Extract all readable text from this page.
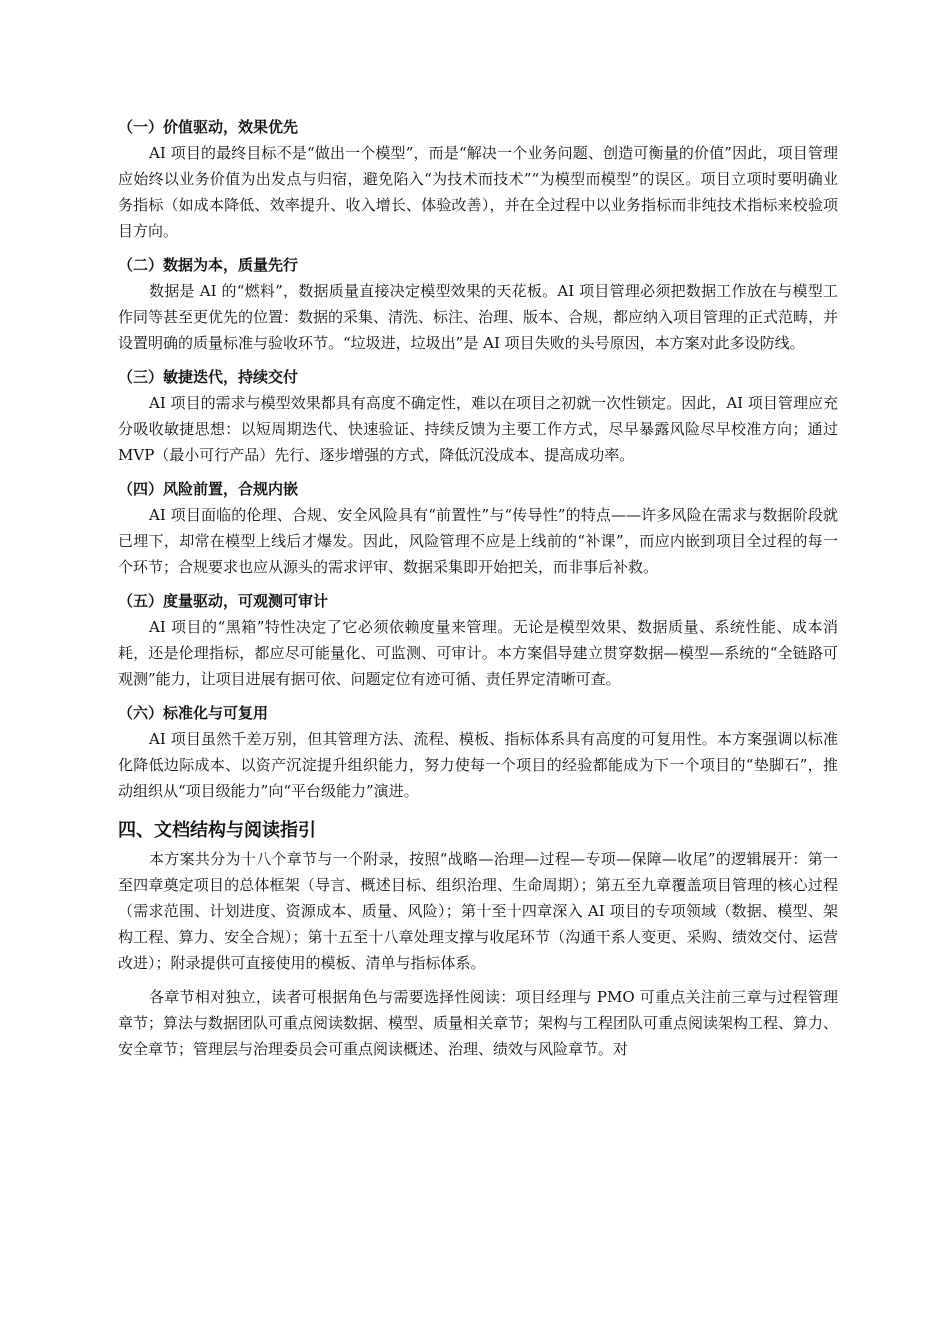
（一）价值驱动，效果优先

AI 项目的最终目标不是“做出一个模型”，而是“解决一个业务问题、创造可衡量的价值”因此，项目管理应始终以业务价值为出发点与归宿，避免陷入“为技术而技术”“为模型而模型”的误区。项目立项时要明确业务指标（如成本降低、效率提升、收入增长、体验改善），并在全过程中以业务指标而非纯技术指标来校验项目方向。

（二）数据为本，质量先行

数据是 AI 的“燃料”，数据质量直接决定模型效果的天花板。AI 项目管理必须把数据工作放在与模型工作同等甚至更优先的位置：数据的采集、清洗、标注、治理、版本、合规，都应纳入项目管理的正式范畴，并设置明确的质量标准与验收环节。“垃圾进，垃圾出”是 AI 项目失败的头号原因，本方案对此多设防线。

（三）敏捷迭代，持续交付

AI 项目的需求与模型效果都具有高度不确定性，难以在项目之初就一次性锁定。因此，AI 项目管理应充分吸收敏捷思想：以短周期迭代、快速验证、持续反馈为主要工作方式，尽早暴露风险尽早校准方向；通过 MVP（最小可行产品）先行、逐步增强的方式，降低沉没成本、提高成功率。

（四）风险前置，合规内嵌

AI 项目面临的伦理、合规、安全风险具有“前置性”与“传导性”的特点——许多风险在需求与数据阶段就已埋下，却常在模型上线后才爆发。因此，风险管理不应是上线前的“补课”，而应内嵌到项目全过程的每一个环节；合规要求也应从源头的需求评审、数据采集即开始把关，而非事后补救。

（五）度量驱动，可观测可审计

AI 项目的“黑箱”特性决定了它必须依赖度量来管理。无论是模型效果、数据质量、系统性能、成本消耗，还是伦理指标，都应尽可能量化、可监测、可审计。本方案倡导建立贯穿数据—模型—系统的“全链路可观测”能力，让项目进展有据可依、问题定位有迹可循、责任界定清晰可查。

（六）标准化与可复用

AI 项目虽然千差万别，但其管理方法、流程、模板、指标体系具有高度的可复用性。本方案强调以标准化降低边际成本、以资产沉淀提升组织能力，努力使每一个项目的经验都能成为下一个项目的“垫脚石”，推动组织从“项目级能力”向“平台级能力”演进。

四、文档结构与阅读指引

本方案共分为十八个章节与一个附录，按照“战略—治理—过程—专项—保障—收尾”的逻辑展开：第一至四章奠定项目的总体框架（导言、概述目标、组织治理、生命周期）；第五至九章覆盖项目管理的核心过程（需求范围、计划进度、资源成本、质量、风险）；第十至十四章深入 AI 项目的专项领域（数据、模型、架构工程、算力、安全合规）；第十五至十八章处理支撑与收尾环节（沟通干系人变更、采购、绩效交付、运营改进）；附录提供可直接使用的模板、清单与指标体系。

各章节相对独立，读者可根据角色与需要选择性阅读：项目经理与 PMO 可重点关注前三章与过程管理章节；算法与数据团队可重点阅读数据、模型、质量相关章节；架构与工程团队可重点阅读架构工程、算力、安全章节；管理层与治理委员会可重点阅读概述、治理、绩效与风险章节。对
